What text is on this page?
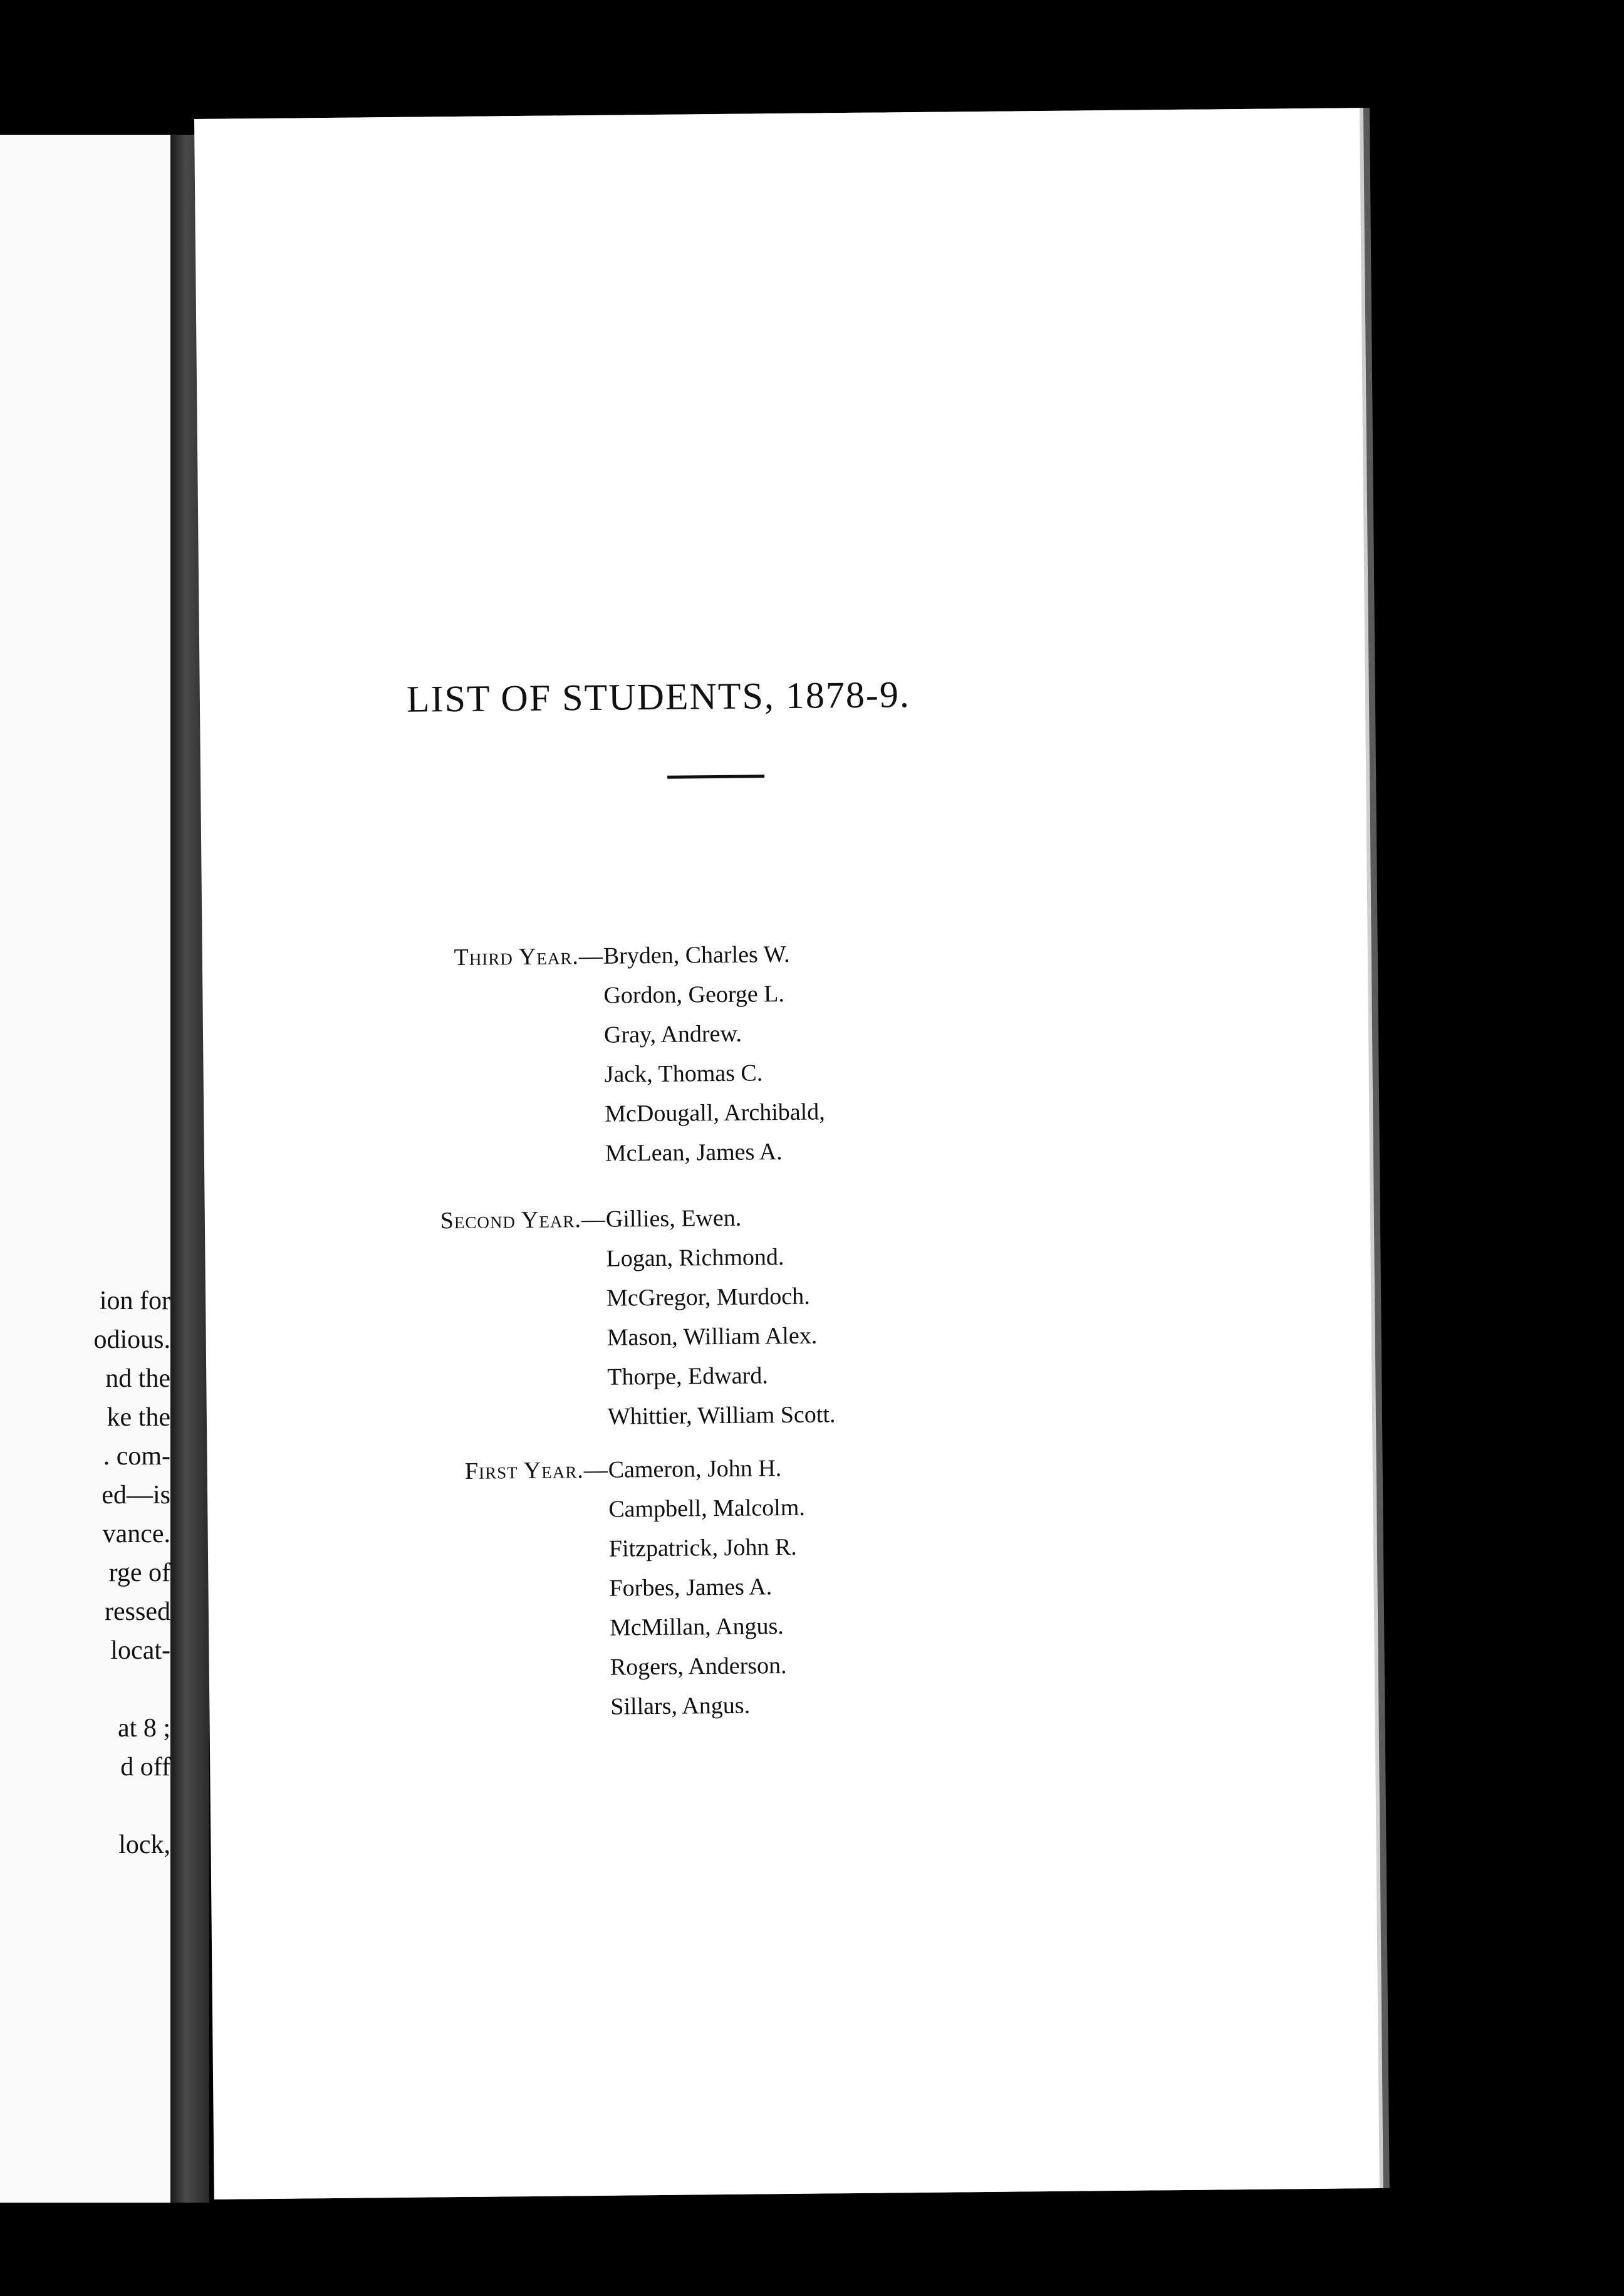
ion for
odious.
nd the
ke the
. com-
ed—is
vance.
rge of
ressed
locat-
at 8 ;
d off
lock,
LIST OF STUDENTS, 1878-9.
Third Year.— Bryden, Charles W.
Gordon, George L.
Gray, Andrew.
Jack, Thomas C.
McDougall, Archibald,
McLean, James A.
Second Year.— Gillies, Ewen.
Logan, Richmond.
McGregor, Murdoch.
Mason, William Alex.
Thorpe, Edward.
Whittier, William Scott.
First Year.— Cameron, John H.
Campbell, Malcolm.
Fitzpatrick, John R.
Forbes, James A.
McMillan, Angus.
Rogers, Anderson.
Sillars, Angus.
